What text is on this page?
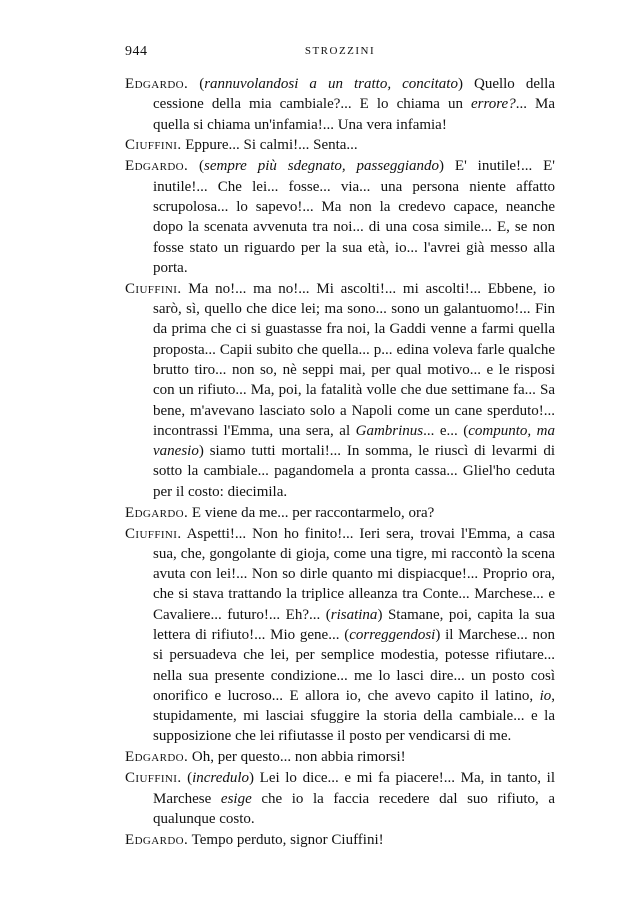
944	STROZZINI

Edgardo. (rannuvolandosi a un tratto, concitato) Quello della cessione della mia cambiale?... E lo chiama un errore?... Ma quella si chiama un'infamia!... Una vera infamia!

Ciuffini. Eppure... Si calmi!... Senta...

Edgardo. (sempre più sdegnato, passeggiando) E' inutile!... E' inutile!... Che lei... fosse... via... una persona niente affatto scrupolosa... lo sapevo!... Ma non la credevo capace, neanche dopo la scenata avvenuta tra noi... di una cosa simile... E, se non fosse stato un riguardo per la sua età, io... l'avrei già messo alla porta.

Ciuffini. Ma no!... ma no!... Mi ascolti!... mi ascolti!... Ebbene, io sarò, sì, quello che dice lei; ma sono... sono un galantuomo!... Fin da prima che ci si guastasse fra noi, la Gaddi venne a farmi quella proposta... Capii subito che quella... p... edina voleva farle qualche brutto tiro... non so, nè seppi mai, per qual motivo... e le risposi con un rifiuto... Ma, poi, la fatalità volle che due settimane fa... Sa bene, m'avevano lasciato solo a Napoli come un cane sperduto!... incontrassi l'Emma, una sera, al Gambrinus... e... (compunto, ma vanesio) siamo tutti mortali!... In somma, le riuscì di levarmi di sotto la cambiale... pagandomela a pronta cassa... Gliel'ho ceduta per il costo: diecimila.

Edgardo. E viene da me... per raccontarmelo, ora?

Ciuffini. Aspetti!... Non ho finito!... Ieri sera, trovai l'Emma, a casa sua, che, gongolante di gioja, come una tigre, mi raccontò la scena avuta con lei!... Non so dirle quanto mi dispiacque!... Proprio ora, che si stava trattando la triplice alleanza tra Conte... Marchese... e Cavaliere... futuro!... Eh?... (risatina) Stamane, poi, capita la sua lettera di rifiuto!... Mio gene... (correggendosi) il Marchese... non si persuadeva che lei, per semplice modestia, potesse rifiutare... nella sua presente condizione... me lo lasci dire... un posto così onorifico e lucroso... E allora io, che avevo capito il latino, io, stupidamente, mi lasciai sfuggire la storia della cambiale... e la supposizione che lei rifiutasse il posto per vendicarsi di me.

Edgardo. Oh, per questo... non abbia rimorsi!

Ciuffini. (incredulo) Lei lo dice... e mi fa piacere!... Ma, in tanto, il Marchese esige che io la faccia recedere dal suo rifiuto, a qualunque costo.

Edgardo. Tempo perduto, signor Ciuffini!
